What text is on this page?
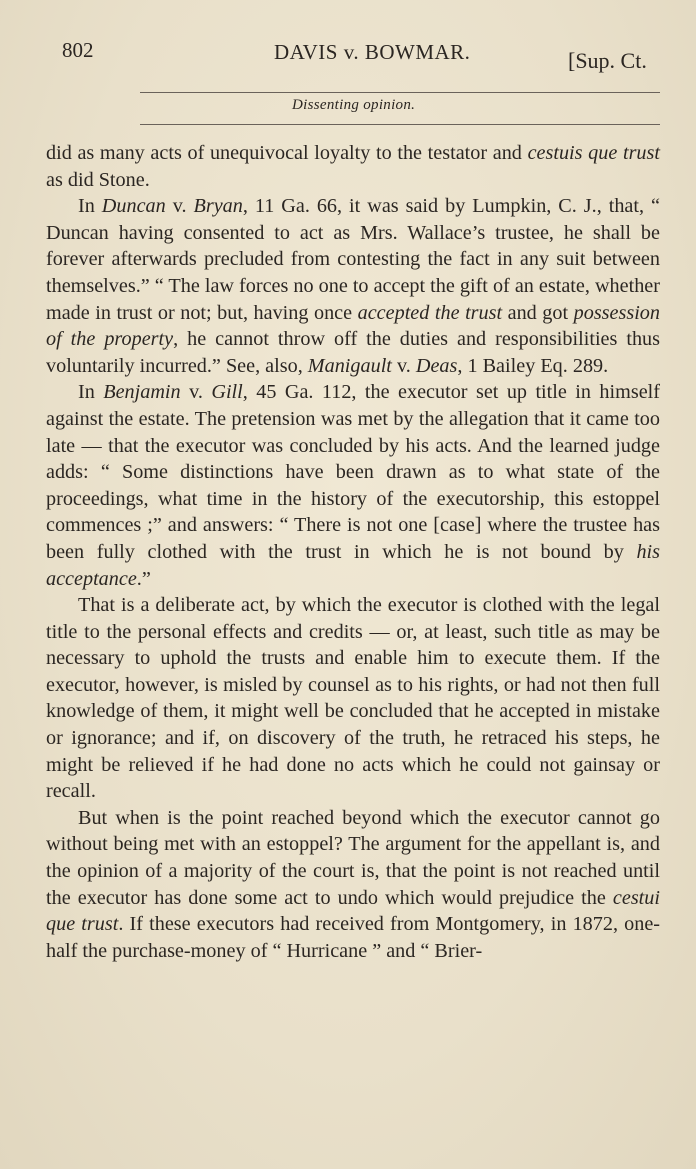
802	DAVIS v. BOWMAR.	[Sup. Ct.
Dissenting opinion.

did as many acts of unequivocal loyalty to the testator and cestuis que trust as did Stone.

In Duncan v. Bryan, 11 Ga. 66, it was said by Lumpkin, C. J., that, “ Duncan having consented to act as Mrs. Wallace’s trustee, he shall be forever afterwards precluded from contesting the fact in any suit between themselves.” “ The law forces no one to accept the gift of an estate, whether made in trust or not; but, having once accepted the trust and got possession of the property, he cannot throw off the duties and responsibilities thus voluntarily incurred.” See, also, Manigault v. Deas, 1 Bailey Eq. 289.

In Benjamin v. Gill, 45 Ga. 112, the executor set up title in himself against the estate. The pretension was met by the allegation that it came too late — that the executor was concluded by his acts. And the learned judge adds: “ Some distinctions have been drawn as to what state of the proceedings, what time in the history of the executorship, this estoppel commences ;” and answers: “ There is not one [case] where the trustee has been fully clothed with the trust in which he is not bound by his acceptance.”

That is a deliberate act, by which the executor is clothed with the legal title to the personal effects and credits — or, at least, such title as may be necessary to uphold the trusts and enable him to execute them. If the executor, however, is misled by counsel as to his rights, or had not then full knowledge of them, it might well be concluded that he accepted in mistake or ignorance; and if, on discovery of the truth, he retraced his steps, he might be relieved if he had done no acts which he could not gainsay or recall.

But when is the point reached beyond which the executor cannot go without being met with an estoppel? The argument for the appellant is, and the opinion of a majority of the court is, that the point is not reached until the executor has done some act to undo which would prejudice the cestui que trust. If these executors had received from Montgomery, in 1872, one-half the purchase-money of “ Hurricane ” and “ Brier-
